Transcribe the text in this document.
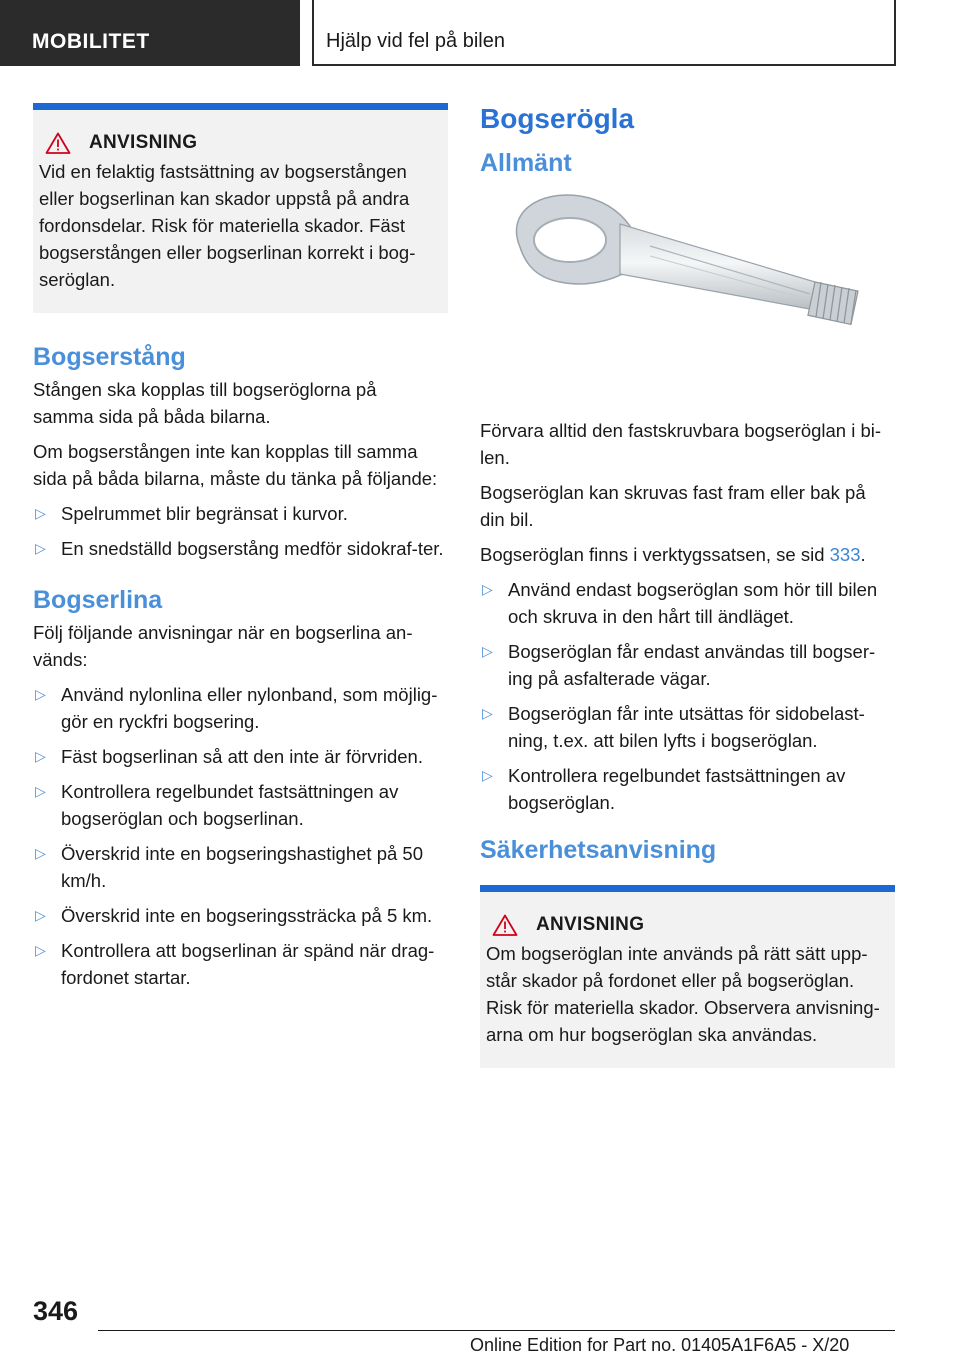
MOBILITET	Hjälp vid fel på bilen
ANVISNING
Vid en felaktig fastsättning av bogserstången eller bogserlinan kan skador uppstå på andra fordonsdelar. Risk för materiella skador. Fäst bogserstången eller bogserlinan korrekt i bog-seröglan.
Bogserstång

Stången ska kopplas till bogseröglorna på samma sida på båda bilarna.

Om bogserstången inte kan kopplas till samma sida på båda bilarna, måste du tänka på följande:

▷ Spelrummet blir begränsat i kurvor.
▷ En snedställd bogserstång medför sidokraf-ter.
Bogserlina

Följ följande anvisningar när en bogserlina an-vänds:

▷ Använd nylonlina eller nylonband, som möjlig-gör en ryckfri bogsering.
▷ Fäst bogserlinan så att den inte är förvriden.
▷ Kontrollera regelbundet fastsättningen av bogseröglan och bogserlinan.
▷ Överskrid inte en bogseringshastighet på 50 km/h.
▷ Överskrid inte en bogseringssträcka på 5 km.
▷ Kontrollera att bogserlinan är spänd när drag-fordonet startar.
Bogserögla
Allmänt

Förvara alltid den fastskruvbara bogseröglan i bi-len.

Bogseröglan kan skruvas fast fram eller bak på din bil.

Bogseröglan finns i verktygssatsen, se sid 333.

▷ Använd endast bogseröglan som hör till bilen och skruva in den hårt till ändläget.
▷ Bogseröglan får endast användas till bogser-ing på asfalterade vägar.
▷ Bogseröglan får inte utsättas för sidobelast-ning, t.ex. att bilen lyfts i bogseröglan.
▷ Kontrollera regelbundet fastsättningen av bogseröglan.
Säkerhetsanvisning
ANVISNING
Om bogseröglan inte används på rätt sätt upp-står skador på fordonet eller på bogseröglan. Risk för materiella skador. Observera anvisning-arna om hur bogseröglan ska användas.
346
Online Edition for Part no. 01405A1F6A5 - X/20
